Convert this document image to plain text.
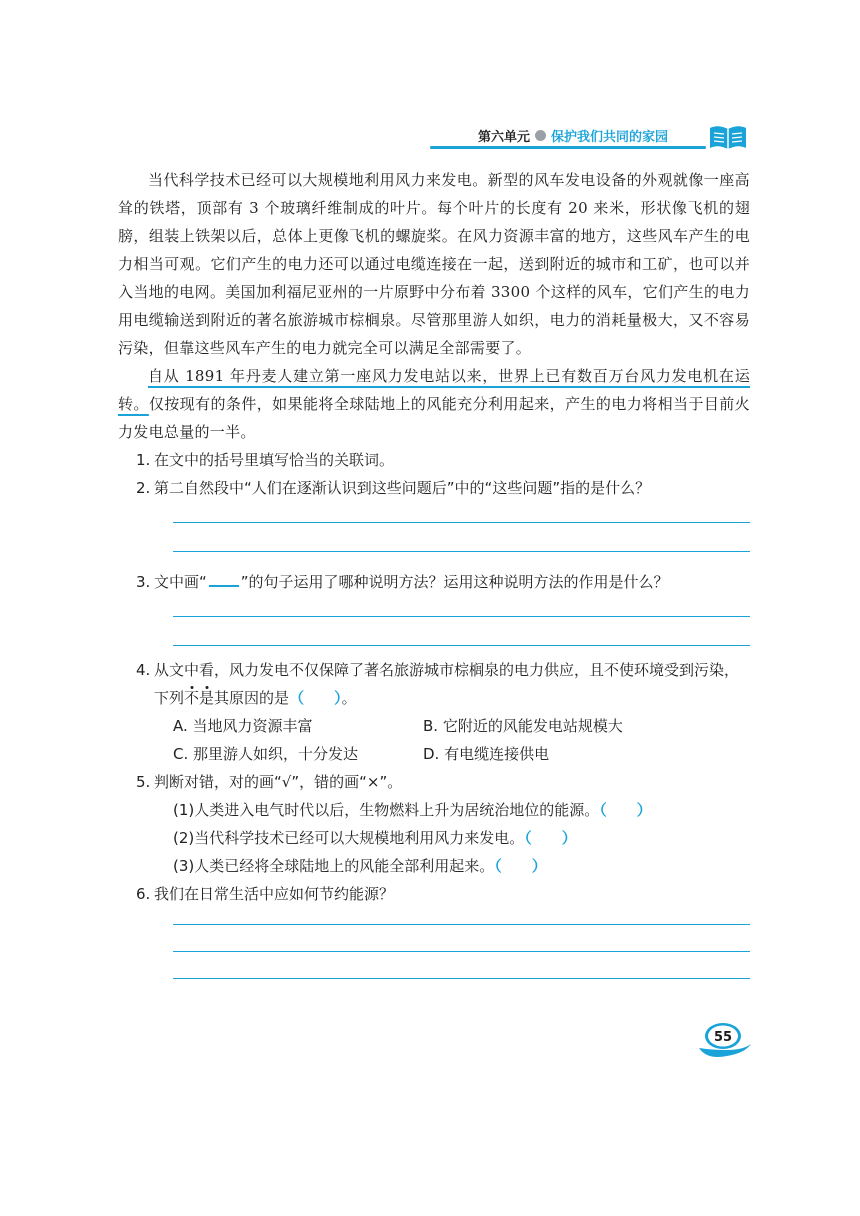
第六单元 保护我们共同的家园

当代科学技术已经可以大规模地利用风力来发电。新型的风车发电设备的外观就像一座高耸的铁塔，顶部有 3 个玻璃纤维制成的叶片。每个叶片的长度有 20 来米，形状像飞机的翅膀，组装上铁架以后，总体上更像飞机的螺旋桨。在风力资源丰富的地方，这些风车产生的电力相当可观。它们产生的电力还可以通过电缆连接在一起，送到附近的城市和工矿，也可以并入当地的电网。美国加利福尼亚州的一片原野中分布着 3300 个这样的风车，它们产生的电力用电缆输送到附近的著名旅游城市棕榈泉。尽管那里游人如织，电力的消耗量极大，又不容易污染，但靠这些风车产生的电力就完全可以满足全部需要了。

自从 1891 年丹麦人建立第一座风力发电站以来，世界上已有数百万台风力发电机在运转。仅按现有的条件，如果能将全球陆地上的风能充分利用起来，产生的电力将相当于目前火力发电总量的一半。

1. 在文中的括号里填写恰当的关联词。

2. 第二自然段中“人们在逐渐认识到这些问题后”中的“这些问题”指的是什么？

3. 文中画“ ”的句子运用了哪种说明方法？运用这种说明方法的作用是什么？

4. 从文中看，风力发电不仅保障了著名旅游城市棕榈泉的电力供应，且不使环境受到污染，下列不是其原因的是（　　）。

A. 当地风力资源丰富	B. 它附近的风能发电站规模大
C. 那里游人如织，十分发达	D. 有电缆连接供电

5. 判断对错，对的画“√”，错的画“×”。

(1)人类进入电气时代以后，生物燃料上升为居统治地位的能源。（　　）

(2)当代科学技术已经可以大规模地利用风力来发电。（　　）

(3)人类已经将全球陆地上的风能全部利用起来。（　　）

6. 我们在日常生活中应如何节约能源？

55
